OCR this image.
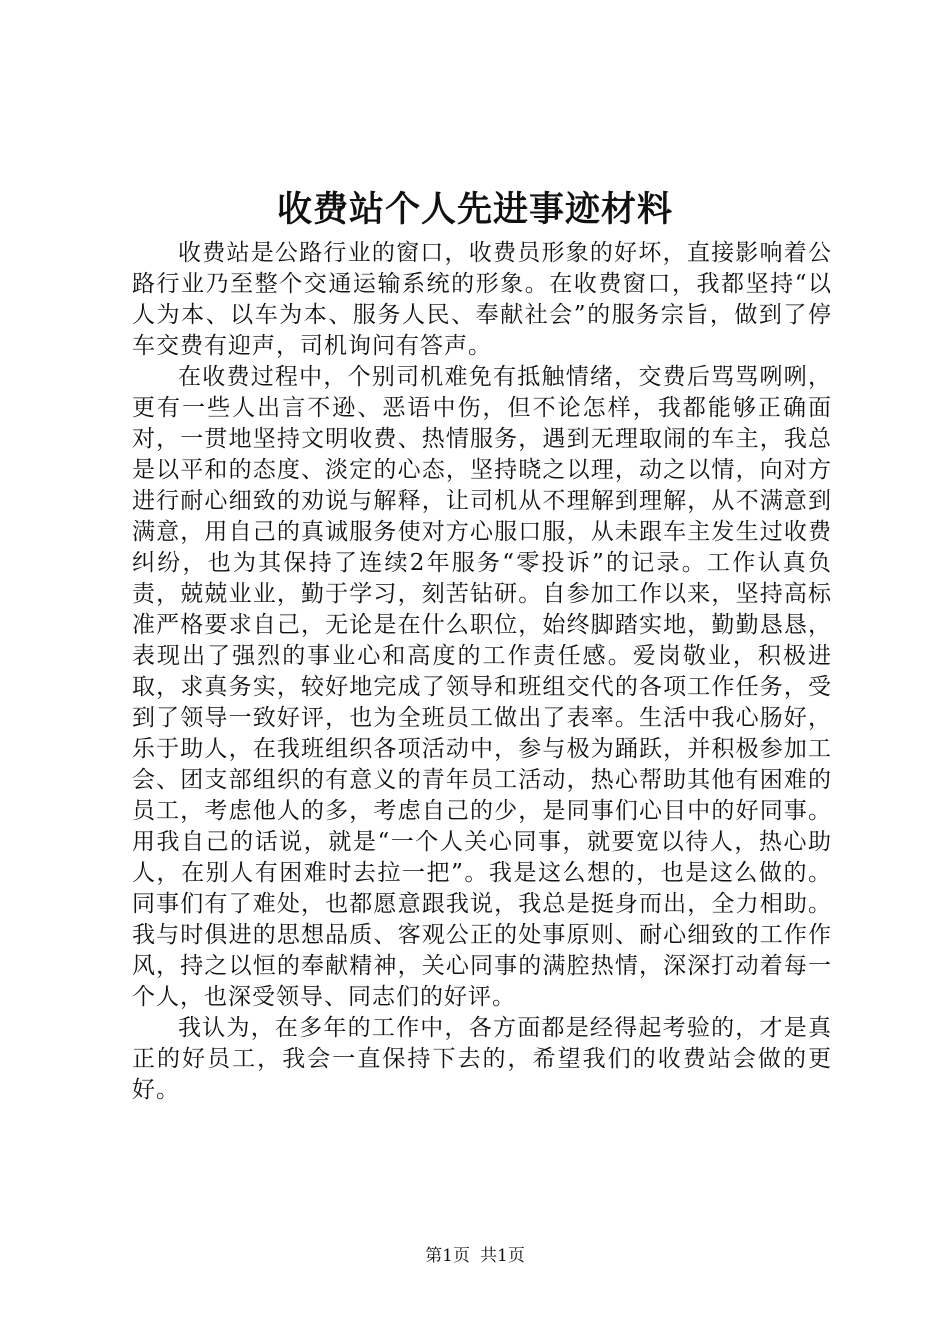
收费站个人先进事迹材料

收费站是公路行业的窗口，收费员形象的好坏，直接影响着公路行业乃至整个交通运输系统的形象。在收费窗口，我都坚持“以人为本、以车为本、服务人民、奉献社会”的服务宗旨，做到了停车交费有迎声，司机询问有答声。

在收费过程中，个别司机难免有抵触情绪，交费后骂骂咧咧，更有一些人出言不逊、恶语中伤，但不论怎样，我都能够正确面对，一贯地坚持文明收费、热情服务，遇到无理取闹的车主，我总是以平和的态度、淡定的心态，坚持晓之以理，动之以情，向对方进行耐心细致的劝说与解释，让司机从不理解到理解，从不满意到满意，用自己的真诚服务使对方心服口服，从未跟车主发生过收费纠纷，也为其保持了连续2年服务“零投诉”的记录。工作认真负责，兢兢业业，勤于学习，刻苦钻研。自参加工作以来，坚持高标准严格要求自己，无论是在什么职位，始终脚踏实地，勤勤恳恳，表现出了强烈的事业心和高度的工作责任感。爱岗敬业，积极进取，求真务实，较好地完成了领导和班组交代的各项工作任务，受到了领导一致好评，也为全班员工做出了表率。生活中我心肠好，乐于助人，在我班组织各项活动中，参与极为踊跃，并积极参加工会、团支部组织的有意义的青年员工活动，热心帮助其他有困难的员工，考虑他人的多，考虑自己的少，是同事们心目中的好同事。用我自己的话说，就是“一个人关心同事，就要宽以待人，热心助人，在别人有困难时去拉一把”。我是这么想的，也是这么做的。同事们有了难处，也都愿意跟我说，我总是挺身而出，全力相助。我与时俱进的思想品质、客观公正的处事原则、耐心细致的工作作风，持之以恒的奉献精神，关心同事的满腔热情，深深打动着每一个人，也深受领导、同志们的好评。

我认为，在多年的工作中，各方面都是经得起考验的，才是真正的好员工，我会一直保持下去的，希望我们的收费站会做的更好。

第1页 共1页
